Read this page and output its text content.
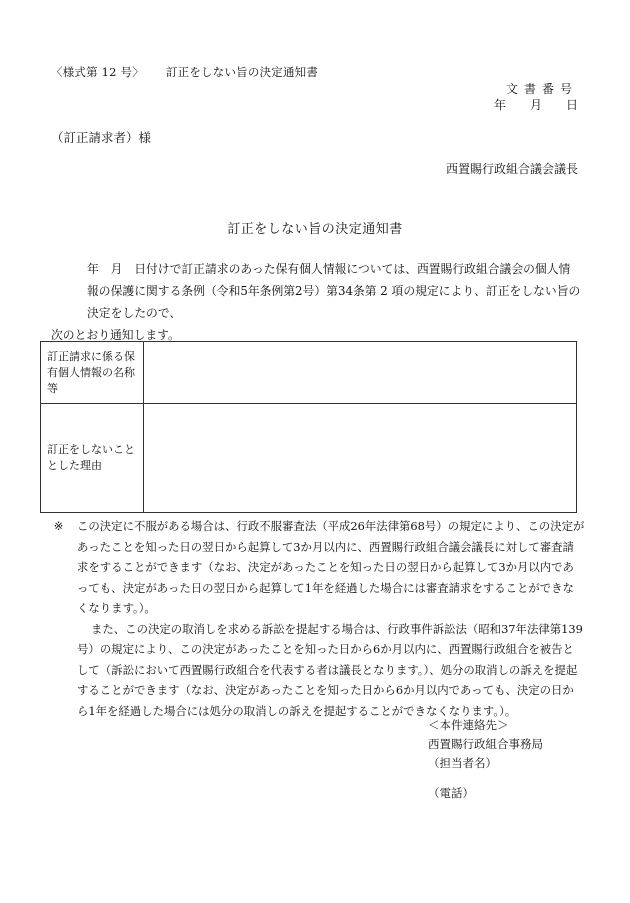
〈様式第 12 号〉 訂正をしない旨の決定通知書
文書番号
年 月 日
（訂正請求者）様
西置賜行政組合議会議長
訂正をしない旨の決定通知書

年　月　日付けで訂正請求のあった保有個人情報については、西置賜行政組合議会の個人情報の保護に関する条例（令和5年条例第2号）第34条第 2 項の規定により、訂正をしない旨の決定をしたので、

次のとおり通知します。

訂正請求に係る保有個人情報の名称等	
訂正をしないこととした理由	

※ この決定に不服がある場合は、行政不服審査法（平成26年法律第68号）の規定により、この決定があったことを知った日の翌日から起算して3か月以内に、西置賜行政組合議会議長に対して審査請求をすることができます（なお、決定があったことを知った日の翌日から起算して3か月以内であっても、決定があった日の翌日から起算して1年を経過した場合には審査請求をすることができなくなります。）。

また、この決定の取消しを求める訴訟を提起する場合は、行政事件訴訟法（昭和37年法律第139号）の規定により、この決定があったことを知った日から6か月以内に、西置賜行政組合を被告として（訴訟において西置賜行政組合を代表する者は議長となります。）、処分の取消しの訴えを提起することができます（なお、決定があったことを知った日から6か月以内であっても、決定の日から1年を経過した場合には処分の取消しの訴えを提起することができなくなります。）。

＜本件連絡先＞
西置賜行政組合事務局
（担当者名）
（電話）
